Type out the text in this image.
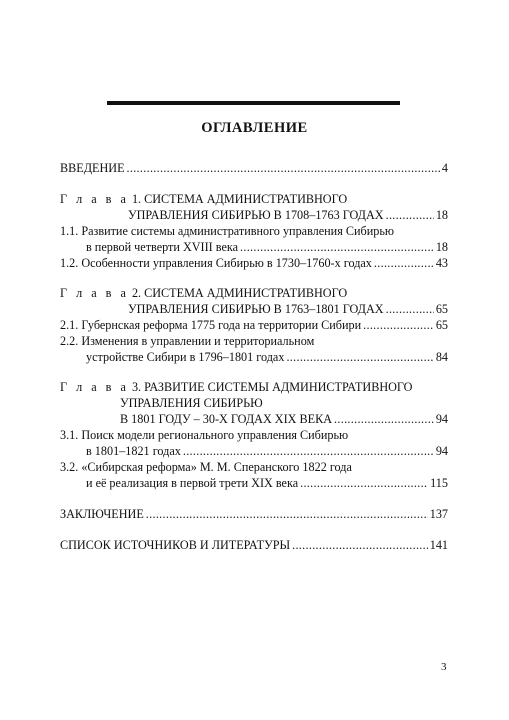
ОГЛАВЛЕНИЕ
ВВЕДЕНИЕ .....	4
Г л а в а 1. СИСТЕМА АДМИНИСТРАТИВНОГО
УПРАВЛЕНИЯ СИБИРЬЮ В 1708–1763 ГОДАХ .....	18
1.1. Развитие системы административного управления Сибирью
в первой четверти XVIII века .....	18
1.2. Особенности управления Сибирью в 1730–1760-х годах .....	43
Г л а в а 2. СИСТЕМА АДМИНИСТРАТИВНОГО
УПРАВЛЕНИЯ СИБИРЬЮ В 1763–1801 ГОДАХ .....	65
2.1. Губернская реформа 1775 года на территории Сибири .....	65
2.2. Изменения в управлении и территориальном
устройстве Сибири в 1796–1801 годах .....	84
Г л а в а 3. РАЗВИТИЕ СИСТЕМЫ АДМИНИСТРАТИВНОГО
УПРАВЛЕНИЯ СИБИРЬЮ
В 1801 ГОДУ – 30-Х ГОДАХ XIX ВЕКА .....	94
3.1. Поиск модели регионального управления Сибирью
в 1801–1821 годах .....	94
3.2. «Сибирская реформа» М. М. Сперанского 1822 года
и её реализация в первой трети XIX века .....	115
ЗАКЛЮЧЕНИЕ .....	137
СПИСОК ИСТОЧНИКОВ И ЛИТЕРАТУРЫ .....	141
3
